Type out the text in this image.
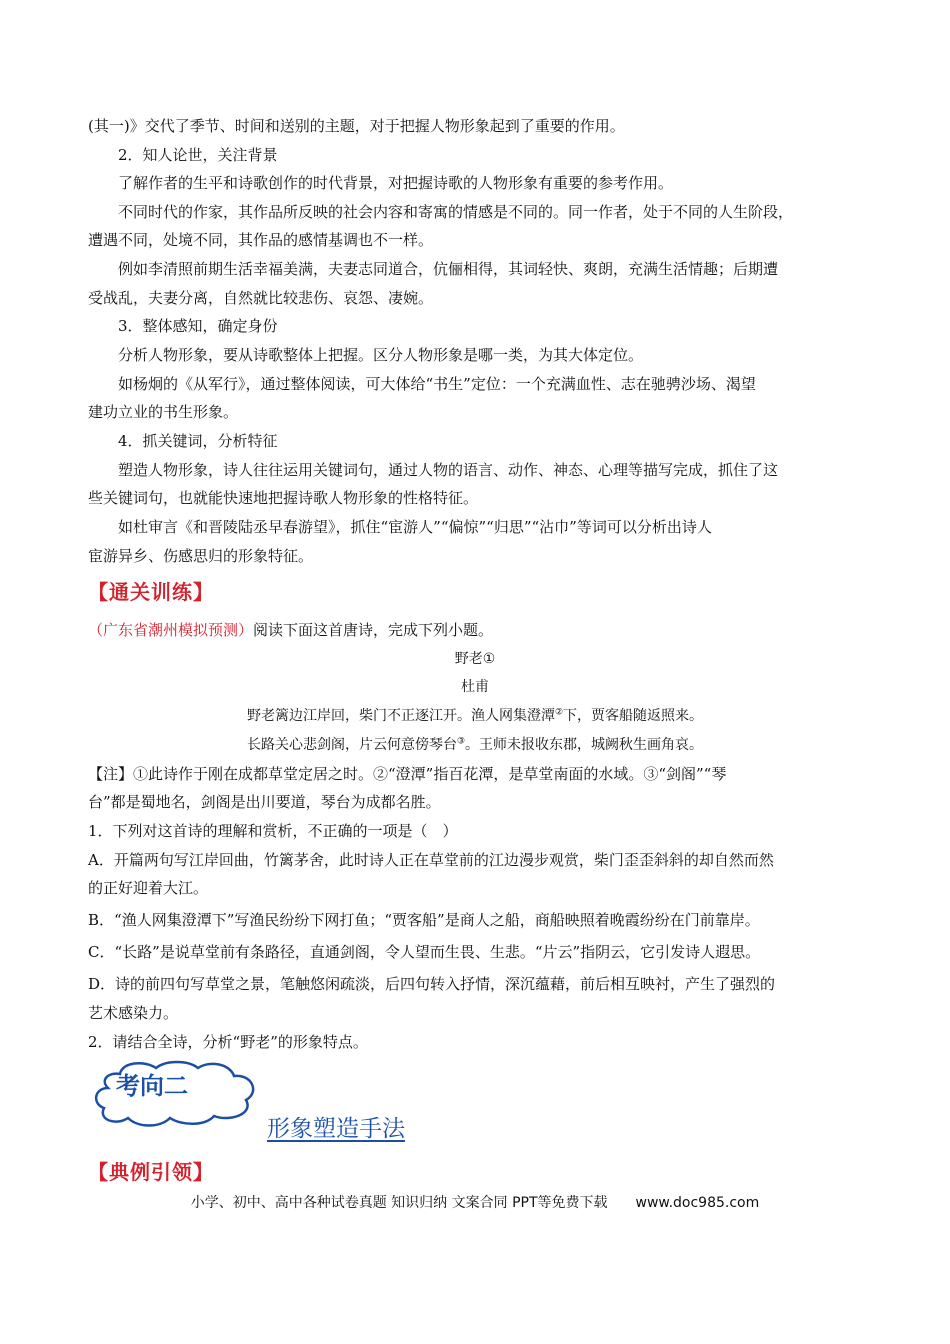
(其一)》交代了季节、时间和送别的主题，对于把握人物形象起到了重要的作用。
2．知人论世，关注背景
了解作者的生平和诗歌创作的时代背景，对把握诗歌的人物形象有重要的参考作用。
不同时代的作家，其作品所反映的社会内容和寄寓的情感是不同的。同一作者，处于不同的人生阶段，
遭遇不同，处境不同，其作品的感情基调也不一样。
例如李清照前期生活幸福美满，夫妻志同道合，伉俪相得，其词轻快、爽朗，充满生活情趣；后期遭
受战乱，夫妻分离，自然就比较悲伤、哀怨、凄婉。
3．整体感知，确定身份
分析人物形象，要从诗歌整体上把握。区分人物形象是哪一类，为其大体定位。
如杨炯的《从军行》，通过整体阅读，可大体给“书生”定位：一个充满血性、志在驰骋沙场、渴望
建功立业的书生形象。
4．抓关键词，分析特征
塑造人物形象，诗人往往运用关键词句，通过人物的语言、动作、神态、心理等描写完成，抓住了这
些关键词句，也就能快速地把握诗歌人物形象的性格特征。
如杜审言《和晋陵陆丞早春游望》，抓住“宦游人”“偏惊”“归思”“沾巾”等词可以分析出诗人
宦游异乡、伤感思归的形象特征。
【通关训练】
（广东省潮州模拟预测）阅读下面这首唐诗，完成下列小题。
野老①
杜甫
野老篱边江岸回，柴门不正逐江开。渔人网集澄潭②下，贾客船随返照来。
长路关心悲剑阁，片云何意傍琴台③。王师未报收东郡，城阙秋生画角哀。
【注】①此诗作于刚在成都草堂定居之时。②“澄潭”指百花潭，是草堂南面的水域。③“剑阁”“琴
台”都是蜀地名，剑阁是出川要道，琴台为成都名胜。
1．下列对这首诗的理解和赏析，不正确的一项是（　）
A．开篇两句写江岸回曲，竹篱茅舍，此时诗人正在草堂前的江边漫步观赏，柴门歪歪斜斜的却自然而然
的正好迎着大江。
B．“渔人网集澄潭下”写渔民纷纷下网打鱼；“贾客船”是商人之船，商船映照着晚霞纷纷在门前靠岸。
C．“长路”是说草堂前有条路径，直通剑阁，令人望而生畏、生悲。“片云”指阴云，它引发诗人遐思。
D．诗的前四句写草堂之景，笔触悠闲疏淡，后四句转入抒情，深沉蕴藉，前后相互映衬，产生了强烈的
艺术感染力。
2．请结合全诗，分析“野老”的形象特点。
考向二
形象塑造手法
【典例引领】
小学、初中、高中各种试卷真题 知识归纳 文案合同 PPT等免费下载 www.doc985.com
